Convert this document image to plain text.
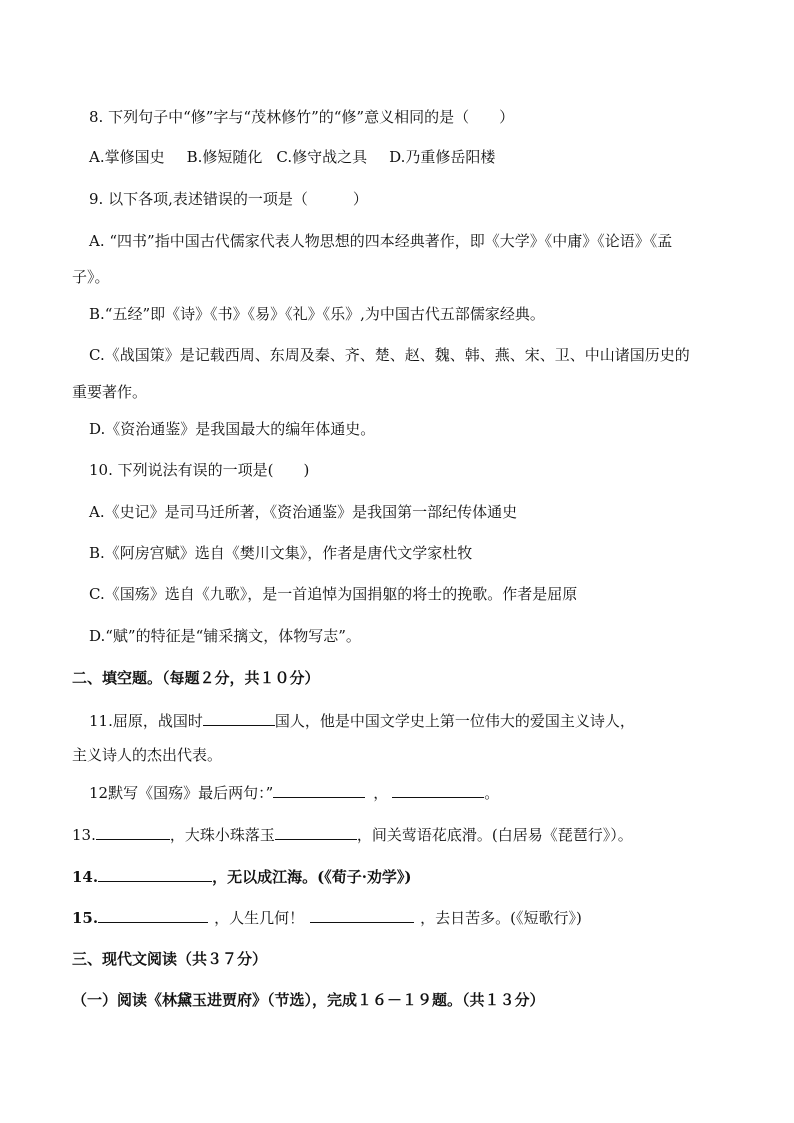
8. 下列句子中“修”字与“茂林修竹”的“修”意义相同的是（　　）
A.掌修国史 B.修短随化 C.修守战之具 D.乃重修岳阳楼
9. 以下各项,表述错误的一项是（　　　）
A. “四书”指中国古代儒家代表人物思想的四本经典著作，即《大学》《中庸》《论语》《孟
子》。
B.“五经”即《诗》《书》《易》《礼》《乐》,为中国古代五部儒家经典。
C.《战国策》是记载西周、东周及秦、齐、楚、赵、魏、韩、燕、宋、卫、中山诸国历史的
重要著作。
D.《资治通鉴》是我国最大的编年体通史。
10. 下列说法有误的一项是(　　)
A.《史记》是司马迁所著，《资治通鉴》是我国第一部纪传体通史
B.《阿房宫赋》选自《樊川文集》，作者是唐代文学家杜牧
C.《国殇》选自《九歌》，是一首追悼为国捐躯的将士的挽歌。作者是屈原
D.“赋”的特征是“铺采摛文，体物写志”。
二、填空题。（每题２分，共１０分）
11.屈原，战国时	国人，他是中国文学史上第一位伟大的爱国主义诗人，
主义诗人的杰出代表。
12默写《国殇》最后两句：”	，	。
13.	，大珠小珠落玉	，间关莺语花底滑。(白居易《琵琶行》）。
14.	，无以成江海。(《荀子·劝学》)
15.	，人生几何！	，去日苦多。(《短歌行》)
三、现代文阅读（共３７分）
（一）阅读《林黛玉进贾府》（节选），完成１６－１９题。（共１３分）
